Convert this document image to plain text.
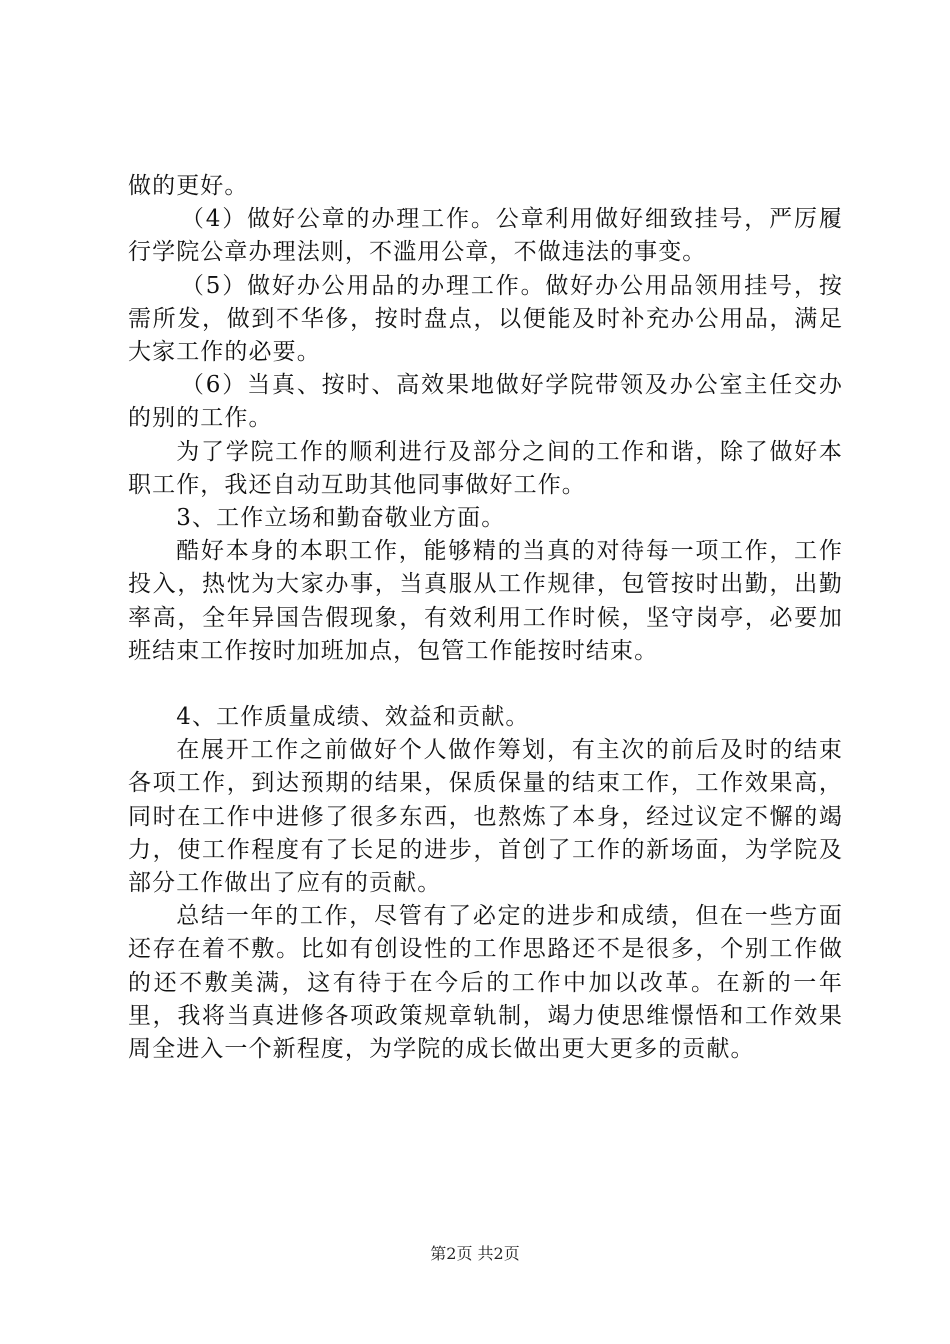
做的更好。

（4）做好公章的办理工作。公章利用做好细致挂号，严厉履行学院公章办理法则，不滥用公章，不做违法的事变。

（5）做好办公用品的办理工作。做好办公用品领用挂号，按需所发，做到不华侈，按时盘点，以便能及时补充办公用品，满足大家工作的必要。

（6）当真、按时、高效果地做好学院带领及办公室主任交办的别的工作。

为了学院工作的顺利进行及部分之间的工作和谐，除了做好本职工作，我还自动互助其他同事做好工作。

3、工作立场和勤奋敬业方面。

酷好本身的本职工作，能够精的当真的对待每一项工作，工作投入，热忱为大家办事，当真服从工作规律，包管按时出勤，出勤率高，全年异国告假现象，有效利用工作时候，坚守岗亭，必要加班结束工作按时加班加点，包管工作能按时结束。

4、工作质量成绩、效益和贡献。

在展开工作之前做好个人做作筹划，有主次的前后及时的结束各项工作，到达预期的结果，保质保量的结束工作，工作效果高，同时在工作中进修了很多东西，也熬炼了本身，经过议定不懈的竭力，使工作程度有了长足的进步，首创了工作的新场面，为学院及部分工作做出了应有的贡献。

总结一年的工作，尽管有了必定的进步和成绩，但在一些方面还存在着不敷。比如有创设性的工作思路还不是很多，个别工作做的还不敷美满，这有待于在今后的工作中加以改革。在新的一年里，我将当真进修各项政策规章轨制，竭力使思维憬悟和工作效果周全进入一个新程度，为学院的成长做出更大更多的贡献。

第2页 共2页
